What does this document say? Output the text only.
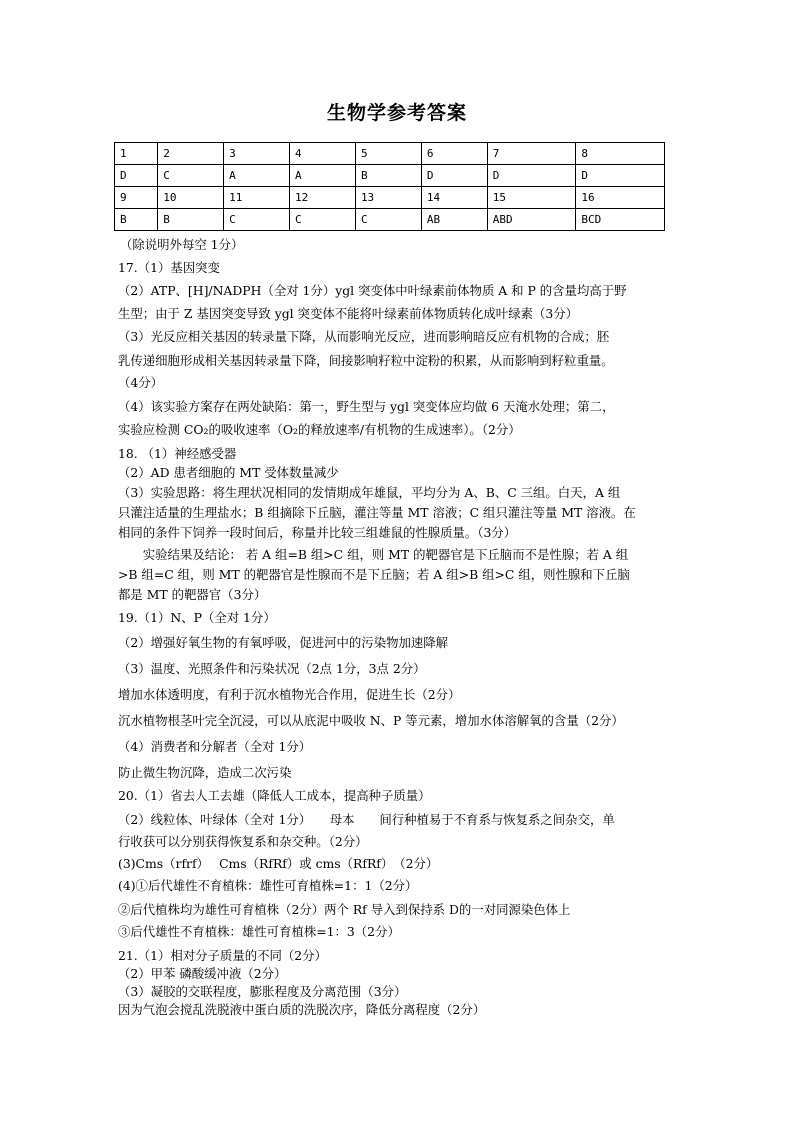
生物学参考答案
1	2	3	4	5	6	7	8
D	C	A	A	B	D	D	D
9	10	11	12	13	14	15	16
B	B	C	C	C	AB	ABD	BCD
（除说明外每空 1分）
17.（1）基因突变
（2）ATP、[H]/NADPH（全对 1分）ygl 突变体中叶绿素前体物质 A 和 P 的含量均高于野
生型；由于 Z 基因突变导致 ygl 突变体不能将叶绿素前体物质转化成叶绿素（3分）
（3）光反应相关基因的转录量下降，从而影响光反应，进而影响暗反应有机物的合成；胚
乳传递细胞形成相关基因转录量下降，间接影响籽粒中淀粉的积累，从而影响到籽粒重量。
（4分）
（4）该实验方案存在两处缺陷：第一，野生型与 ygl 突变体应均做 6 天淹水处理；第二，
实验应检测 CO₂的吸收速率（O₂的释放速率/有机物的生成速率）。（2分）
18. （1）神经感受器
（2）AD 患者细胞的 MT 受体数量减少
（3）实验思路：将生理状况相同的发情期成年雄鼠，平均分为 A、B、C 三组。白天，A 组
只灌注适量的生理盐水；B 组摘除下丘脑，灌注等量 MT 溶液；C 组只灌注等量 MT 溶液。在
相同的条件下饲养一段时间后，称量并比较三组雄鼠的性腺质量。（3分）
　　实验结果及结论： 若 A 组=B 组>C 组，则 MT 的靶器官是下丘脑而不是性腺；若 A 组
>B 组=C 组，则 MT 的靶器官是性腺而不是下丘脑；若 A 组>B 组>C 组，则性腺和下丘脑
都是 MT 的靶器官（3分）
19.（1）N、P（全对 1分）
（2）增强好氧生物的有氧呼吸，促进河中的污染物加速降解
（3）温度、光照条件和污染状况（2点 1分，3点 2分）
增加水体透明度，有利于沉水植物光合作用，促进生长（2分）
沉水植物根茎叶完全沉浸，可以从底泥中吸收 N、P 等元素，增加水体溶解氧的含量（2分）
（4）消费者和分解者（全对 1分）
防止微生物沉降，造成二次污染
20.（1）省去人工去雄（降低人工成本，提高种子质量）
（2）线粒体、叶绿体（全对 1分）　　母本　　间行种植易于不育系与恢复系之间杂交，单
行收获可以分别获得恢复系和杂交种。（2分）
(3)Cms（rfrf）　 Cms（RfRf）或 cms（RfRf）　（2分）
(4)①后代雄性不育植株：雄性可育植株=1：1（2分）
②后代植株均为雄性可育植株（2分）两个 Rf 导入到保持系 D的一对同源染色体上
③后代雄性不育植株：雄性可育植株=1：3（2分）
21.（1）相对分子质量的不同（2分）
（2）甲苯 磷酸缓冲液（2分）
（3）凝胶的交联程度，膨胀程度及分离范围（3分）
因为气泡会搅乱洗脱液中蛋白质的洗脱次序，降低分离程度（2分）
